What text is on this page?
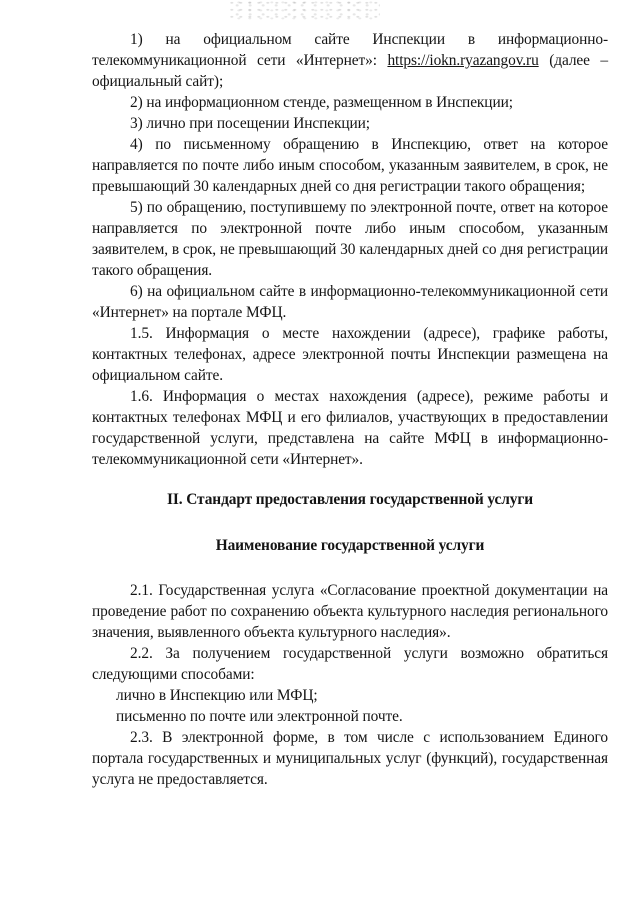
1) на официальном сайте Инспекции в информационно-телекоммуникационной сети «Интернет»: https://iokn.ryazangov.ru (далее – официальный сайт);

2) на информационном стенде, размещенном в Инспекции;

3) лично при посещении Инспекции;

4) по письменному обращению в Инспекцию, ответ на которое направляется по почте либо иным способом, указанным заявителем, в срок, не превышающий 30 календарных дней со дня регистрации такого обращения;

5) по обращению, поступившему по электронной почте, ответ на которое направляется по электронной почте либо иным способом, указанным заявителем, в срок, не превышающий 30 календарных дней со дня регистрации такого обращения.

6) на официальном сайте в информационно-телекоммуникационной сети «Интернет» на портале МФЦ.

1.5. Информация о месте нахождении (адресе), графике работы, контактных телефонах, адресе электронной почты Инспекции размещена на официальном сайте.

1.6. Информация о местах нахождения (адресе), режиме работы и контактных телефонах МФЦ и его филиалов, участвующих в предоставлении государственной услуги, представлена на сайте МФЦ в информационно-телекоммуникационной сети «Интернет».

II. Стандарт предоставления государственной услуги
Наименование государственной услуги

2.1. Государственная услуга «Согласование проектной документации на проведение работ по сохранению объекта культурного наследия регионального значения, выявленного объекта культурного наследия».

2.2. За получением государственной услуги возможно обратиться следующими способами:

лично в Инспекцию или МФЦ;

письменно по почте или электронной почте.

2.3. В электронной форме, в том числе с использованием Единого портала государственных и муниципальных услуг (функций), государственная услуга не предоставляется.
